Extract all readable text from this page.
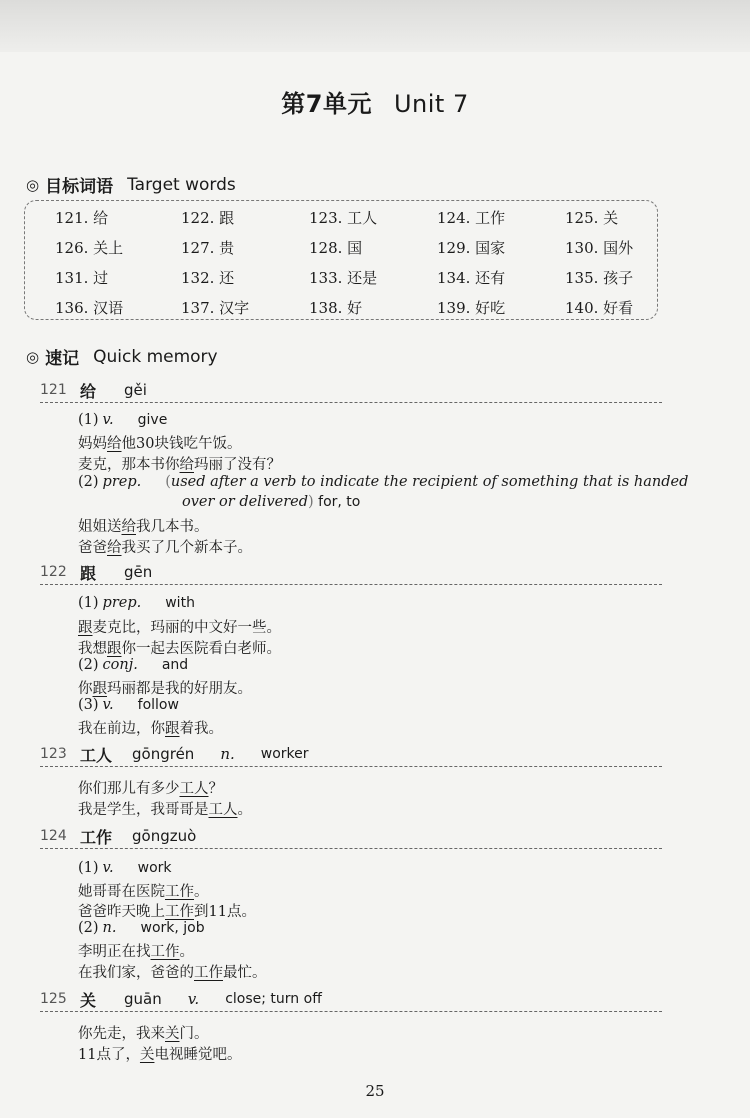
第7单元 Unit 7
◎ 目标词语 Target words
121. 给	122. 跟	123. 工人	124. 工作	125. 关
126. 关上	127. 贵	128. 国	129. 国家	130. 国外
131. 过	132. 还	133. 还是	134. 还有	135. 孩子
136. 汉语	137. 汉字	138. 好	139. 好吃	140. 好看
◎ 速记 Quick memory
121 给	gěi
(1) v. give
妈妈给他30块钱吃午饭。
麦克，那本书你给玛丽了没有？
(2) prep. (used after a verb to indicate the recipient of something that is handed
over or delivered) for, to
姐姐送给我几本书。
爸爸给我买了几个新本子。
122 跟	gēn
(1) prep. with
跟麦克比，玛丽的中文好一些。
我想跟你一起去医院看白老师。
(2) conj. and
你跟玛丽都是我的好朋友。
(3) v. follow
我在前边，你跟着我。
123 工人	gōngrén n. worker
你们那儿有多少工人？
我是学生，我哥哥是工人。
124 工作	gōngzuò
(1) v. work
她哥哥在医院工作。
爸爸昨天晚上工作到11点。
(2) n. work, job
李明正在找工作。
在我们家，爸爸的工作最忙。
125 关	guān v. close; turn off
你先走，我来关门。
11点了，关电视睡觉吧。
25
